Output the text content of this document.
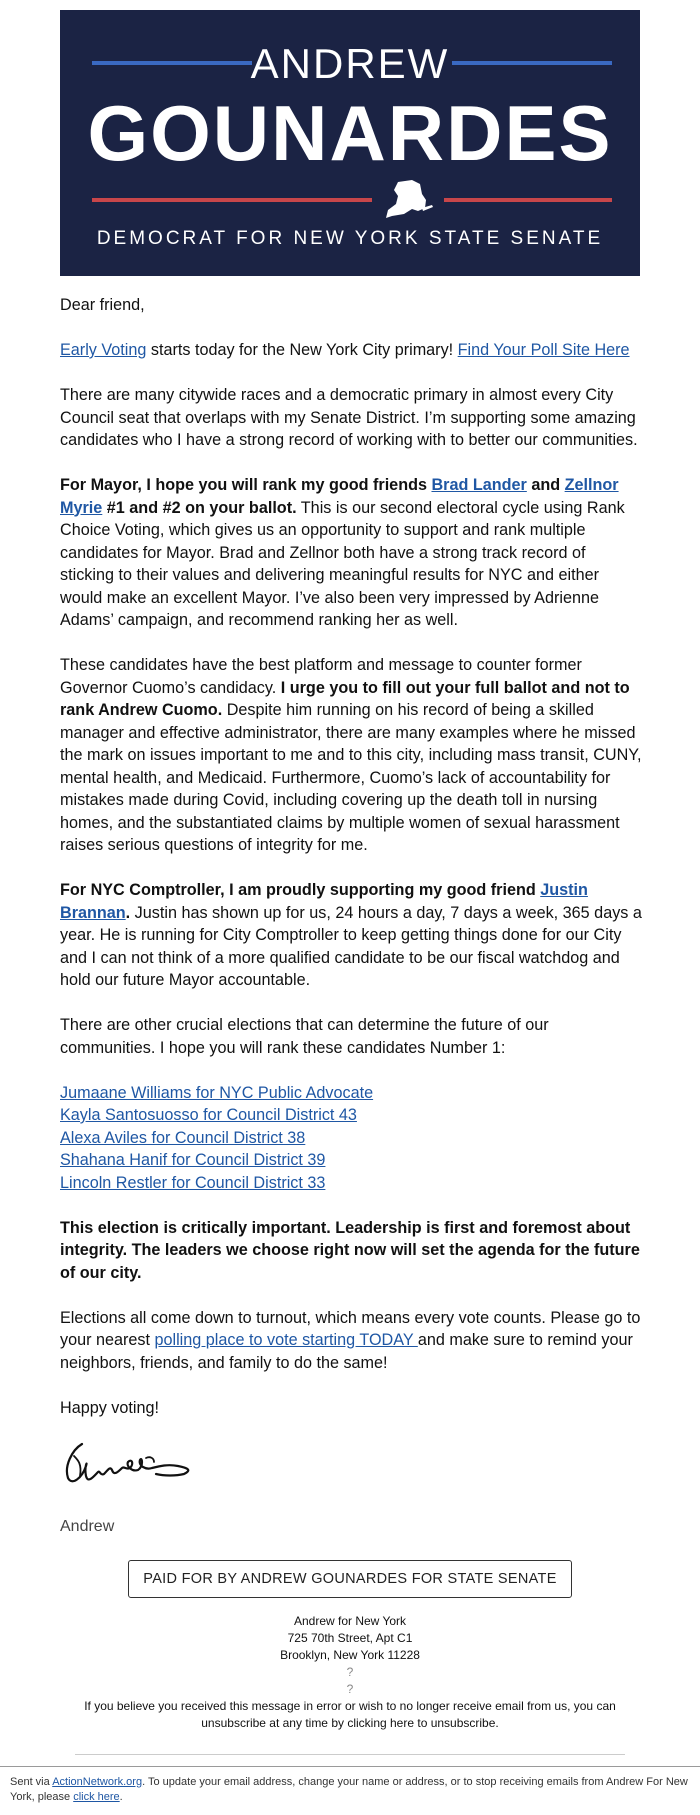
ANDREW
GOUNARDES
DEMOCRAT FOR NEW YORK STATE SENATE

Dear friend,

Early Voting starts today for the New York City primary! Find Your Poll Site Here

There are many citywide races and a democratic primary in almost every City Council seat that overlaps with my Senate District. I’m supporting some amazing candidates who I have a strong record of working with to better our communities.

For Mayor, I hope you will rank my good friends Brad Lander and Zellnor Myrie #1 and #2 on your ballot. This is our second electoral cycle using Rank Choice Voting, which gives us an opportunity to support and rank multiple candidates for Mayor. Brad and Zellnor both have a strong track record of sticking to their values and delivering meaningful results for NYC and either would make an excellent Mayor. I’ve also been very impressed by Adrienne Adams’ campaign, and recommend ranking her as well.

These candidates have the best platform and message to counter former Governor Cuomo’s candidacy. I urge you to fill out your full ballot and not to rank Andrew Cuomo. Despite him running on his record of being a skilled manager and effective administrator, there are many examples where he missed the mark on issues important to me and to this city, including mass transit, CUNY, mental health, and Medicaid. Furthermore, Cuomo’s lack of accountability for mistakes made during Covid, including covering up the death toll in nursing homes, and the substantiated claims by multiple women of sexual harassment raises serious questions of integrity for me.

For NYC Comptroller, I am proudly supporting my good friend Justin Brannan. Justin has shown up for us, 24 hours a day, 7 days a week, 365 days a year. He is running for City Comptroller to keep getting things done for our City and I can not think of a more qualified candidate to be our fiscal watchdog and hold our future Mayor accountable.

There are other crucial elections that can determine the future of our communities. I hope you will rank these candidates Number 1:

Jumaane Williams for NYC Public Advocate

Kayla Santosuosso for Council District 43

Alexa Aviles for Council District 38

Shahana Hanif for Council District 39

Lincoln Restler for Council District 33

This election is critically important. Leadership is first and foremost about integrity. The leaders we choose right now will set the agenda for the future of our city.

Elections all come down to turnout, which means every vote counts. Please go to your nearest polling place to vote starting TODAY and make sure to remind your neighbors, friends, and family to do the same!

Happy voting!

Andrew
PAID FOR BY ANDREW GOUNARDES FOR STATE SENATE

Andrew for New York

725 70th Street, Apt C1

Brooklyn, New York 11228

?

?

If you believe you received this message in error or wish to no longer receive email from us, you can unsubscribe at any time by clicking here to unsubscribe.

Sent via ActionNetwork.org. To update your email address, change your name or address, or to stop receiving emails from Andrew For New York, please click here.
